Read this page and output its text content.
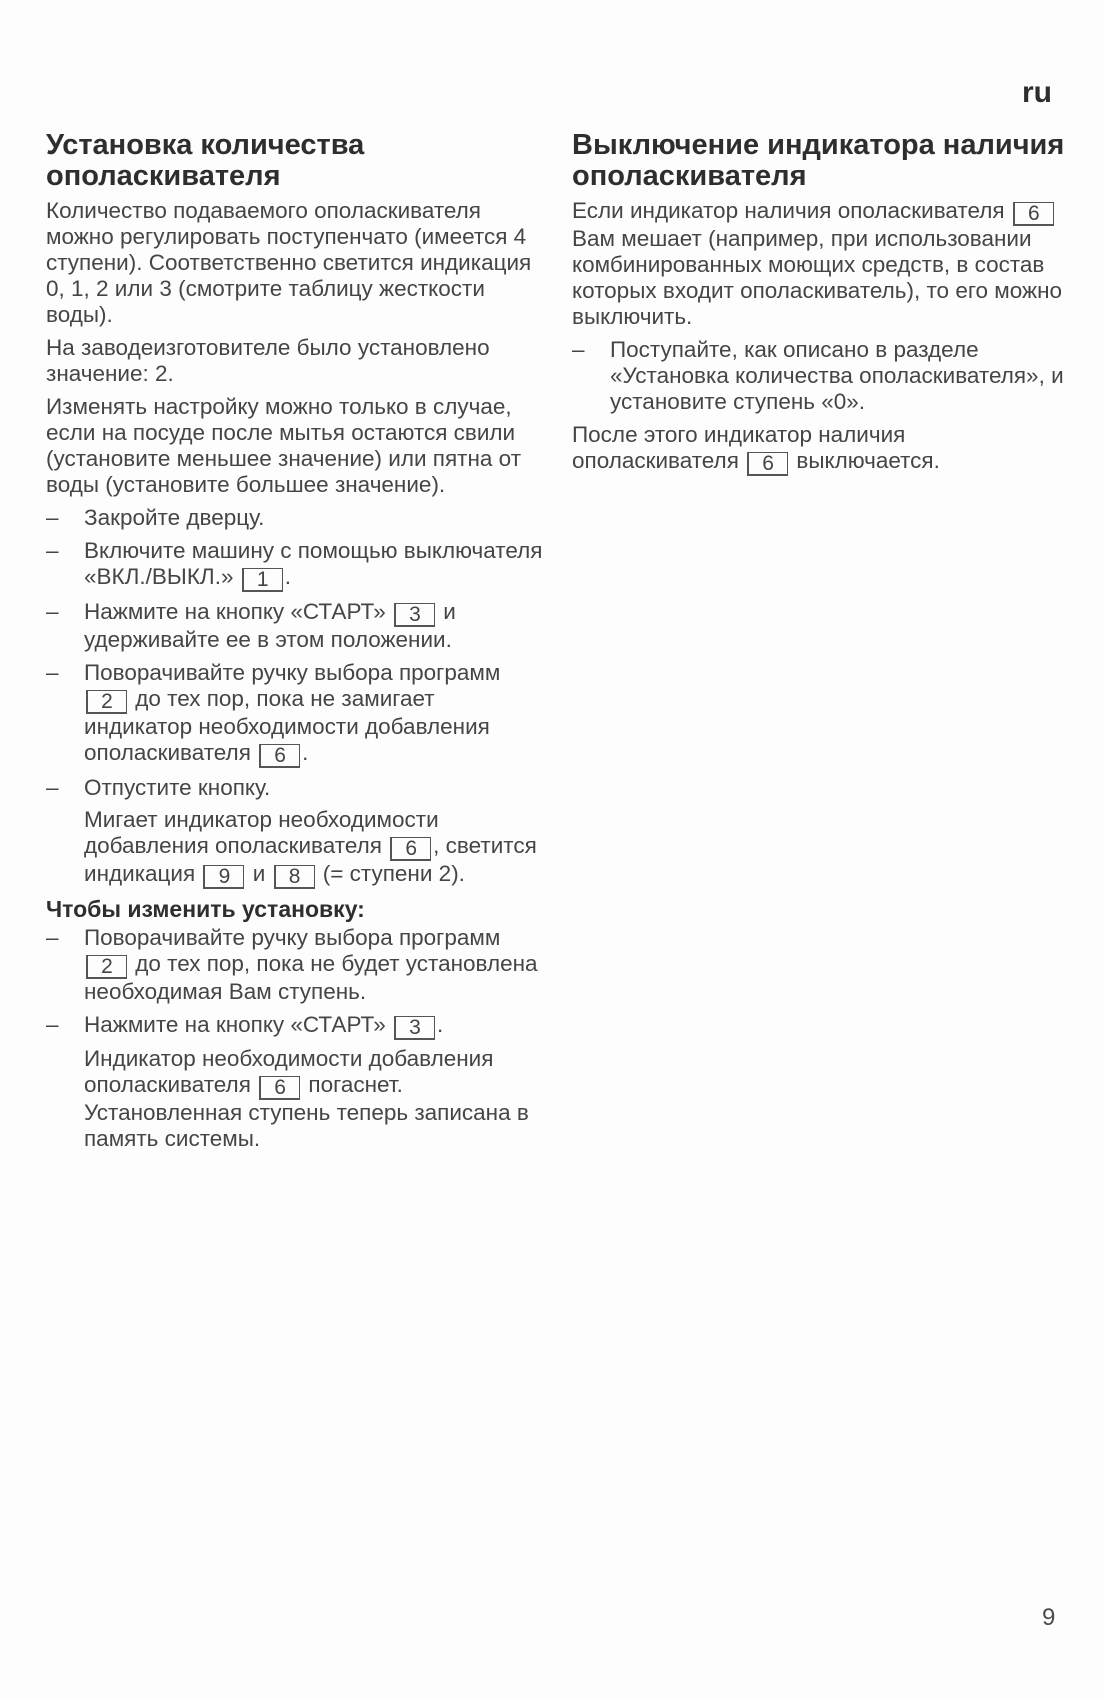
ru
Установка количества ополаскивателя

Количество подаваемого ополаскивателя можно регулировать поступенчато (имеется 4 ступени). Соответственно светится индикация 0, 1, 2 или 3 (смотрите таблицу жесткости воды).

На заводеизготовителе было установлено значение: 2.

Изменять настройку можно только в случае, если на посуде после мытья остаются свили (установите меньшее значение) или пятна от воды (установите большее значение).

– Закройте дверцу.
– Включите машину с помощью выключателя «ВКЛ./ВЫКЛ.» 1 .
– Нажмите на кнопку «СТАРТ» 3 и удерживайте ее в этом положении.
– Поворачивайте ручку выбора программ 2 до тех пор, пока не замигает индикатор необходимости добавления ополаскивателя 6 .
– Отпустите кнопку.
Мигает индикатор необходимости добавления ополаскивателя 6 , светится индикация 9 и 8 (= ступени 2).
Чтобы изменить установку:
– Поворачивайте ручку выбора программ 2 до тех пор, пока не будет установлена необходимая Вам ступень.
– Нажмите на кнопку «СТАРТ» 3 .
Индикатор необходимости добавления ополаскивателя 6 погаснет. Установленная ступень теперь записана в память системы.
Выключение индикатора наличия ополаскивателя

Если индикатор наличия ополаскивателя 6 Вам мешает (например, при использовании комбинированных моющих средств, в состав которых входит ополаскиватель), то его можно выключить.

– Поступайте, как описано в разделе «Установка количества ополаскивателя», и установите ступень «0».

После этого индикатор наличия ополаскивателя 6 выключается.

9
